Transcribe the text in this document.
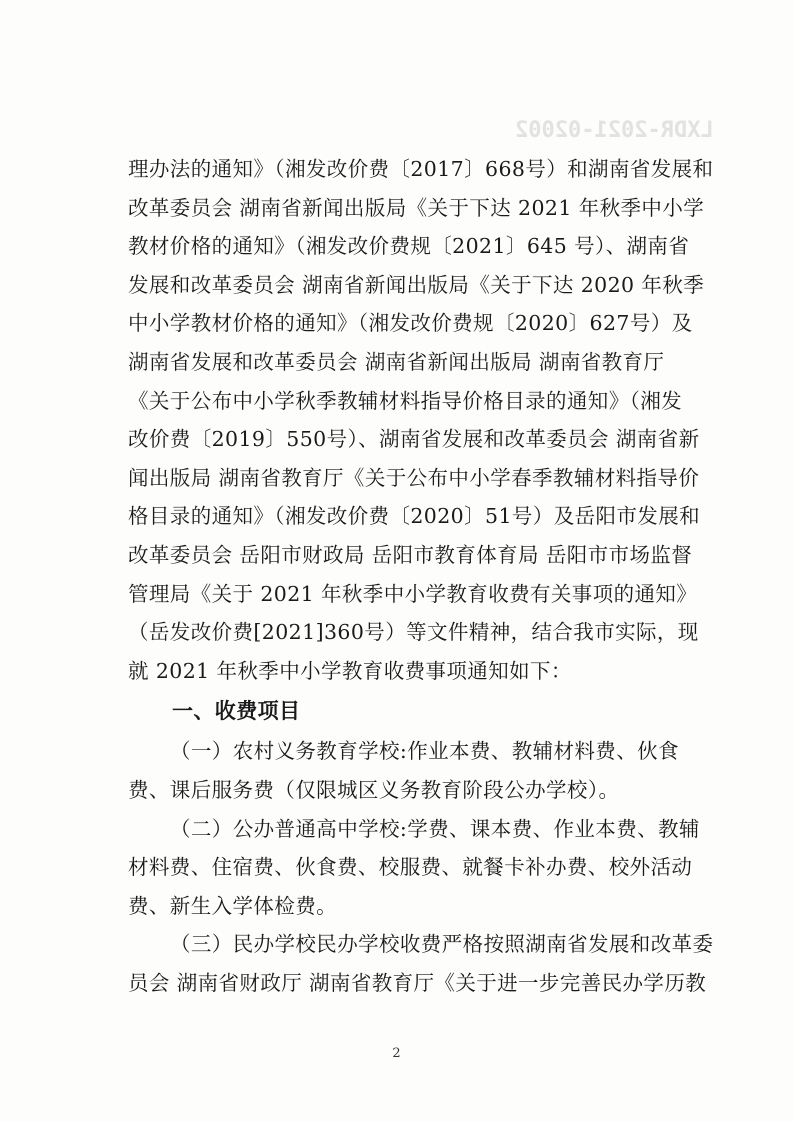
LXDR-2021-02002
理办法的通知》（湘发改价费〔2017〕668号）和湖南省发展和
改革委员会 湖南省新闻出版局《关于下达 2021 年秋季中小学
教材价格的通知》（湘发改价费规〔2021〕645 号）、湖南省
发展和改革委员会 湖南省新闻出版局《关于下达 2020 年秋季
中小学教材价格的通知》（湘发改价费规〔2020〕627号）及
湖南省发展和改革委员会 湖南省新闻出版局 湖南省教育厅
《关于公布中小学秋季教辅材料指导价格目录的通知》（湘发
改价费〔2019〕550号）、湖南省发展和改革委员会 湖南省新
闻出版局 湖南省教育厅《关于公布中小学春季教辅材料指导价
格目录的通知》（湘发改价费〔2020〕51号）及岳阳市发展和
改革委员会 岳阳市财政局 岳阳市教育体育局 岳阳市市场监督
管理局《关于 2021 年秋季中小学教育收费有关事项的通知》
（岳发改价费[2021]360号）等文件精神，结合我市实际，现
就 2021 年秋季中小学教育收费事项通知如下：
一、收费项目
（一）农村义务教育学校:作业本费、教辅材料费、伙食
费、课后服务费（仅限城区义务教育阶段公办学校）。
（二）公办普通高中学校:学费、课本费、作业本费、教辅
材料费、住宿费、伙食费、校服费、就餐卡补办费、校外活动
费、新生入学体检费。
（三）民办学校民办学校收费严格按照湖南省发展和改革委
员会 湖南省财政厅 湖南省教育厅《关于进一步完善民办学历教
2
